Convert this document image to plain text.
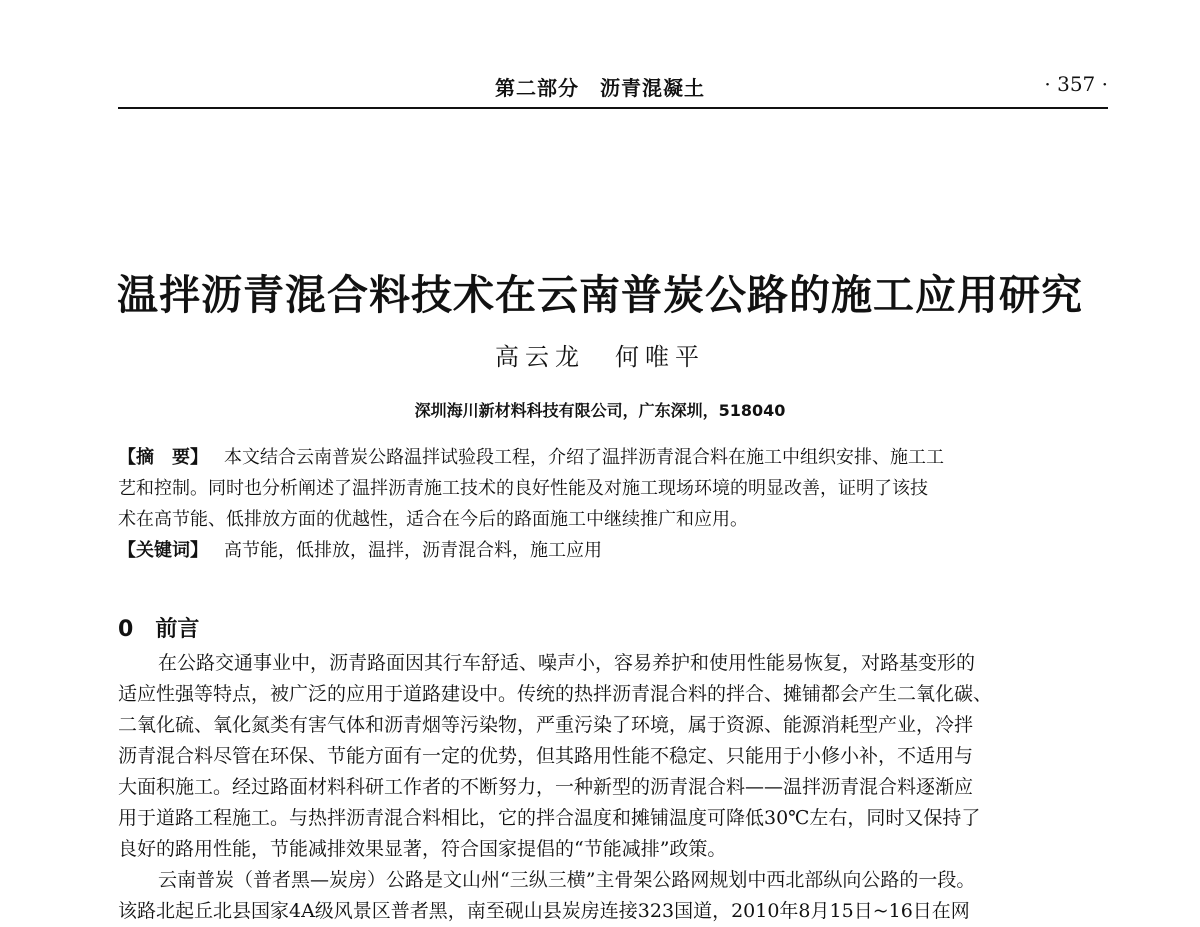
第二部分　沥青混凝土	· 357 ·
温拌沥青混合料技术在云南普炭公路的施工应用研究
高云龙　何唯平
深圳海川新材料科技有限公司，广东深圳，518040
【摘　要】 本文结合云南普炭公路温拌试验段工程，介绍了温拌沥青混合料在施工中组织安排、施工工
艺和控制。同时也分析阐述了温拌沥青施工技术的良好性能及对施工现场环境的明显改善，证明了该技
术在高节能、低排放方面的优越性，适合在今后的路面施工中继续推广和应用。
【关键词】 高节能，低排放，温拌，沥青混合料，施工应用
0 前言
在公路交通事业中，沥青路面因其行车舒适、噪声小，容易养护和使用性能易恢复，对路基变形的
适应性强等特点，被广泛的应用于道路建设中。传统的热拌沥青混合料的拌合、摊铺都会产生二氧化碳、
二氧化硫、氧化氮类有害气体和沥青烟等污染物，严重污染了环境，属于资源、能源消耗型产业，冷拌
沥青混合料尽管在环保、节能方面有一定的优势，但其路用性能不稳定、只能用于小修小补，不适用与
大面积施工。经过路面材料科研工作者的不断努力，一种新型的沥青混合料——温拌沥青混合料逐渐应
用于道路工程施工。与热拌沥青混合料相比，它的拌合温度和摊铺温度可降低30℃左右，同时又保持了
良好的路用性能，节能减排效果显著，符合国家提倡的“节能减排”政策。
云南普炭（普者黑—炭房）公路是文山州“三纵三横”主骨架公路网规划中西北部纵向公路的一段。
该路北起丘北县国家4A级风景区普者黑，南至砚山县炭房连接323国道，2010年8月15日~16日在网
